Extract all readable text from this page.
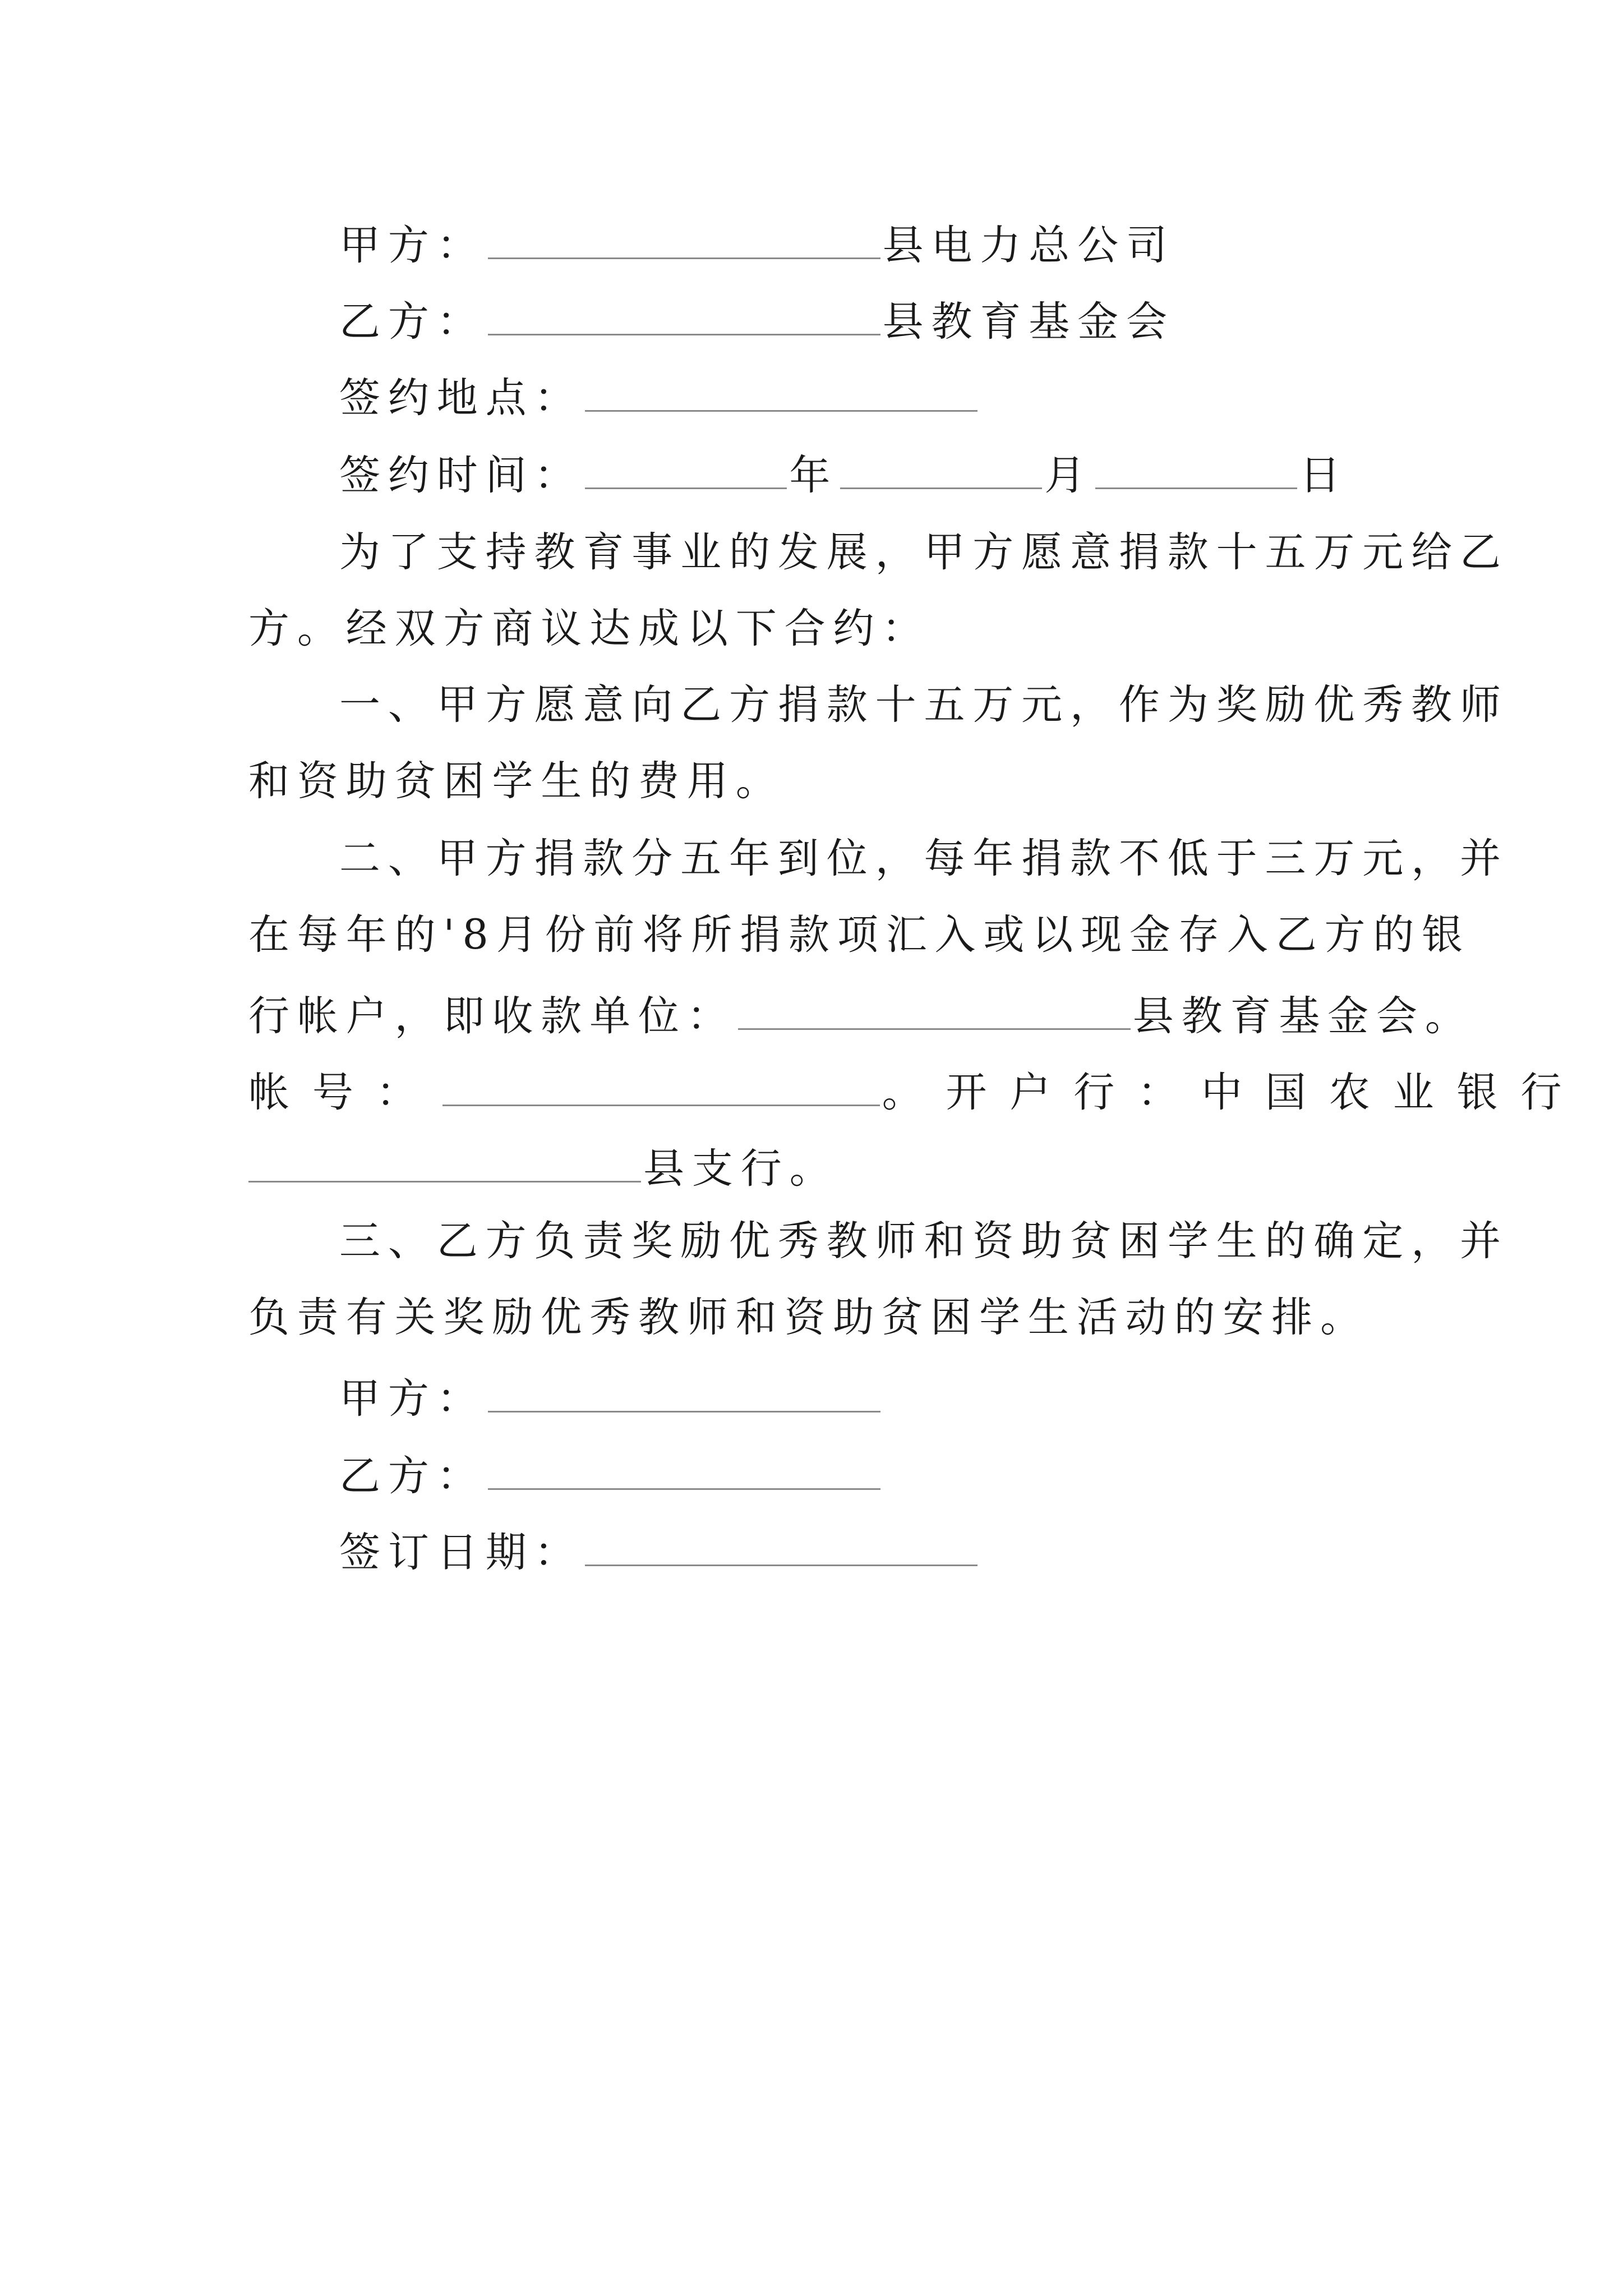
甲方：	县电力总公司
乙方：	县教育基金会
签约地点：
签约时间：	年	月	日
为了支持教育事业的发展，甲方愿意捐款十五万元给乙
方。经双方商议达成以下合约：
一、甲方愿意向乙方捐款十五万元，作为奖励优秀教师
和资助贫困学生的费用。
二、甲方捐款分五年到位，每年捐款不低于三万元，并
在每年的'8月份前将所捐款项汇入或以现金存入乙方的银
行帐户，即收款单位：	县教育基金会。
帐号：	。开户行：中国农业银行
县支行。
三、乙方负责奖励优秀教师和资助贫困学生的确定，并
负责有关奖励优秀教师和资助贫困学生活动的安排。
甲方：
乙方：
签订日期：
